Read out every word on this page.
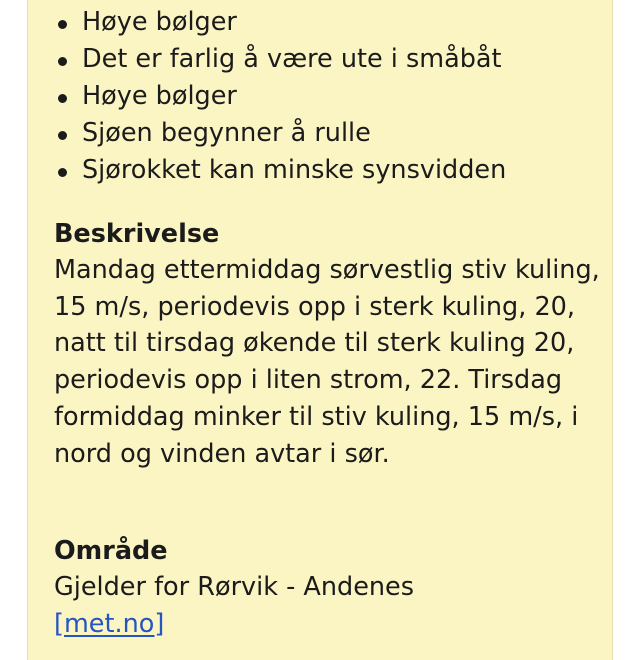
Høye bølger
Det er farlig å være ute i småbåt
Høye bølger
Sjøen begynner å rulle
Sjørokket kan minske synsvidden
Beskrivelse

Mandag ettermiddag sørvestlig stiv kuling, 15 m/s, periodevis opp i sterk kuling, 20, natt til tirsdag økende til sterk kuling 20, periodevis opp i liten strom, 22. Tirsdag formiddag minker til stiv kuling, 15 m/s, i nord og vinden avtar i sør.

Område

Gjelder for Rørvik - Andenes

[met.no]
